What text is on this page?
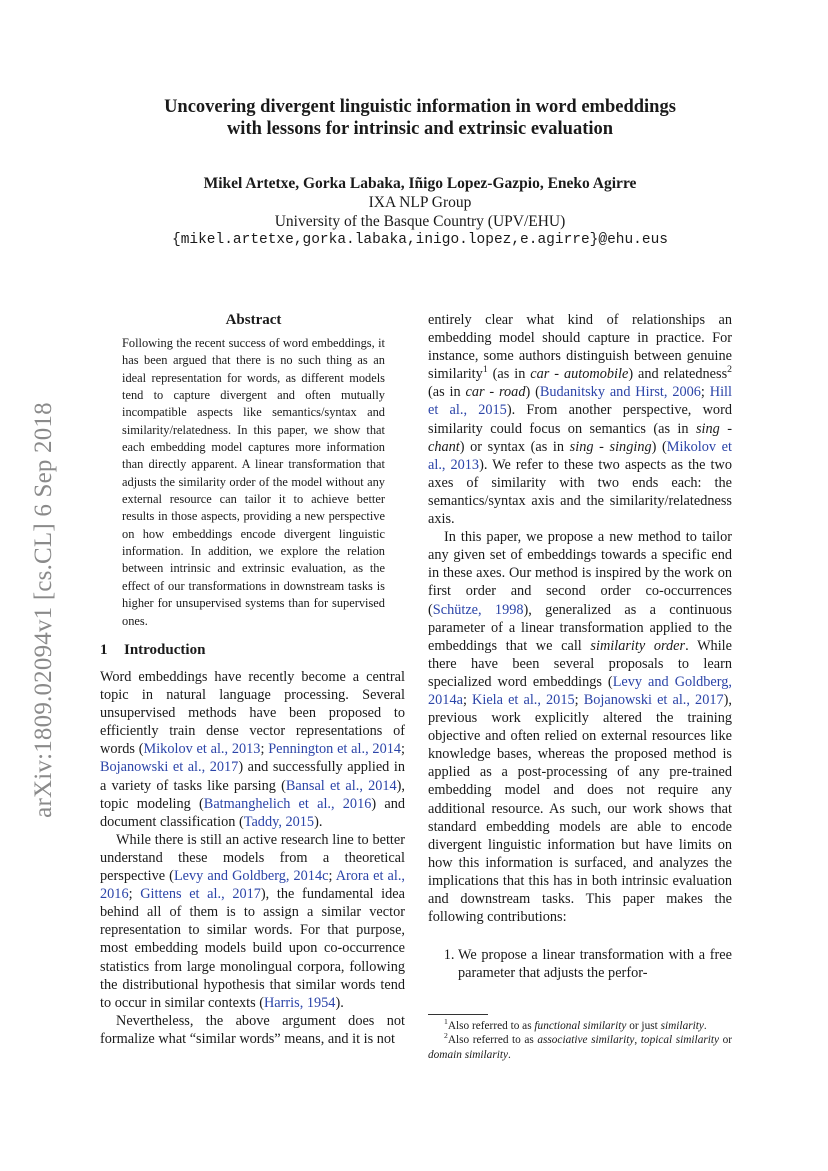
arXiv:1809.02094v1 [cs.CL] 6 Sep 2018
Uncovering divergent linguistic information in word embeddings
with lessons for intrinsic and extrinsic evaluation
Mikel Artetxe, Gorka Labaka, Iñigo Lopez-Gazpio, Eneko Agirre
IXA NLP Group
University of the Basque Country (UPV/EHU)
{mikel.artetxe,gorka.labaka,inigo.lopez,e.agirre}@ehu.eus
Abstract

Following the recent success of word embeddings, it has been argued that there is no such thing as an ideal representation for words, as different models tend to capture divergent and often mutually incompatible aspects like semantics/syntax and similarity/relatedness. In this paper, we show that each embedding model captures more information than directly apparent. A linear transformation that adjusts the similarity order of the model without any external resource can tailor it to achieve better results in those aspects, providing a new perspective on how embeddings encode divergent linguistic information. In addition, we explore the relation between intrinsic and extrinsic evaluation, as the effect of our transformations in downstream tasks is higher for unsupervised systems than for supervised ones.

1 Introduction

Word embeddings have recently become a central topic in natural language processing. Several unsupervised methods have been proposed to efficiently train dense vector representations of words (Mikolov et al., 2013; Pennington et al., 2014; Bojanowski et al., 2017) and successfully applied in a variety of tasks like parsing (Bansal et al., 2014), topic modeling (Batmanghelich et al., 2016) and document classification (Taddy, 2015).

While there is still an active research line to better understand these models from a theoretical perspective (Levy and Goldberg, 2014c; Arora et al., 2016; Gittens et al., 2017), the fundamental idea behind all of them is to assign a similar vector representation to similar words. For that purpose, most embedding models build upon co-occurrence statistics from large monolingual corpora, following the distributional hypothesis that similar words tend to occur in similar contexts (Harris, 1954).

Nevertheless, the above argument does not formalize what “similar words” means, and it is not

entirely clear what kind of relationships an embedding model should capture in practice. For instance, some authors distinguish between genuine similarity$^1$ (as in car - automobile) and relatedness$^2$ (as in car - road) (Budanitsky and Hirst, 2006; Hill et al., 2015). From another perspective, word similarity could focus on semantics (as in sing - chant) or syntax (as in sing - singing) (Mikolov et al., 2013). We refer to these two aspects as the two axes of similarity with two ends each: the semantics/syntax axis and the similarity/relatedness axis.

In this paper, we propose a new method to tailor any given set of embeddings towards a specific end in these axes. Our method is inspired by the work on first order and second order co-occurrences (Schütze, 1998), generalized as a continuous parameter of a linear transformation applied to the embeddings that we call similarity order. While there have been several proposals to learn specialized word embeddings (Levy and Goldberg, 2014a; Kiela et al., 2015; Bojanowski et al., 2017), previous work explicitly altered the training objective and often relied on external resources like knowledge bases, whereas the proposed method is applied as a post-processing of any pre-trained embedding model and does not require any additional resource. As such, our work shows that standard embedding models are able to encode divergent linguistic information but have limits on how this information is surfaced, and analyzes the implications that this has in both intrinsic evaluation and downstream tasks. This paper makes the following contributions:

1. We propose a linear transformation with a free parameter that adjusts the perfor-

$^1$Also referred to as functional similarity or just similarity.

$^2$Also referred to as associative similarity, topical similarity or domain similarity.
